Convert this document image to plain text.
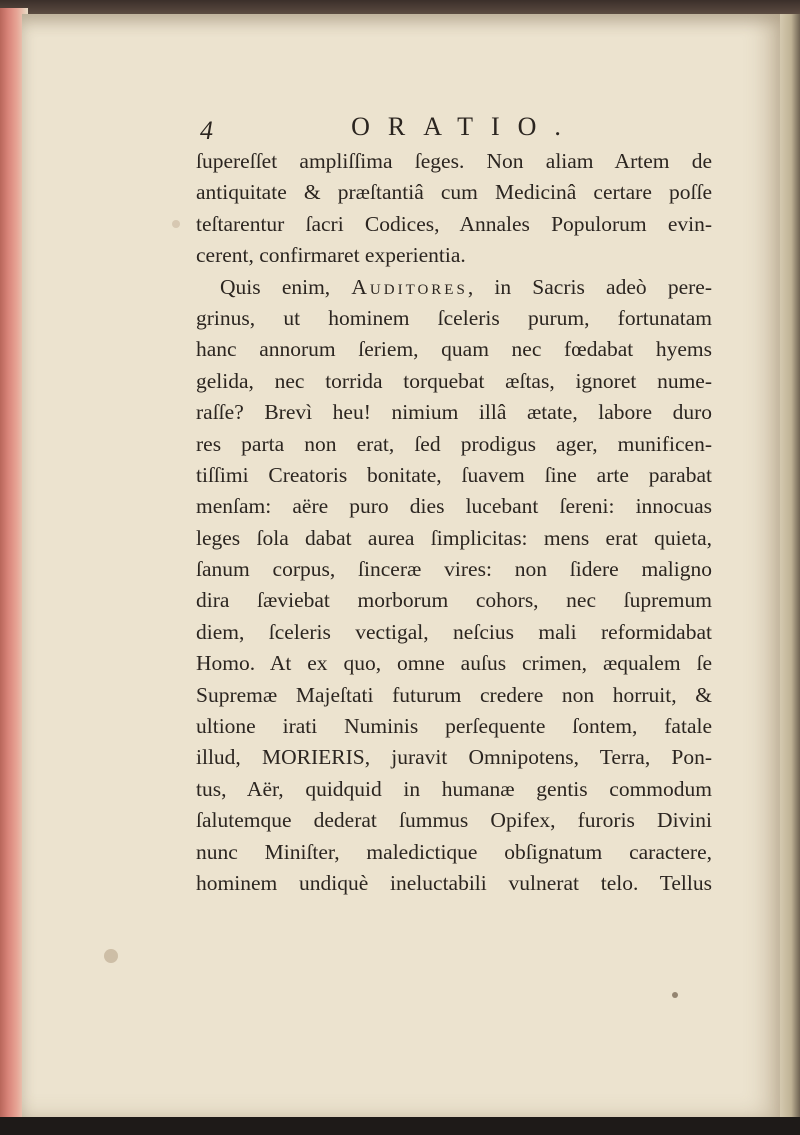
4	ORATIO.
ſupereſſet ampliſſima ſeges. Non aliam Artem de
antiquitate & præſtantiâ cum Medicinâ certare poſſe
teſtarentur ſacri Codices, Annales Populorum evin-
cerent, confirmaret experientia.
Quis enim, Auditores, in Sacris adeò pere-
grinus, ut hominem ſceleris purum, fortunatam
hanc annorum ſeriem, quam nec fœdabat hyems
gelida, nec torrida torquebat æſtas, ignoret nume-
raſſe? Brevì heu! nimium illâ ætate, labore duro
res parta non erat, ſed prodigus ager, munificen-
tiſſimi Creatoris bonitate, ſuavem ſine arte parabat
menſam: aëre puro dies lucebant ſereni: innocuas
leges ſola dabat aurea ſimplicitas: mens erat quieta,
ſanum corpus, ſinceræ vires: non ſidere maligno
dira ſæviebat morborum cohors, nec ſupremum
diem, ſceleris vectigal, neſcius mali reformidabat
Homo. At ex quo, omne auſus crimen, æqualem ſe
Supremæ Majeſtati futurum credere non horruit, &
ultione irati Numinis perſequente ſontem, fatale
illud, MORIERIS, juravit Omnipotens, Terra, Pon-
tus, Aër, quidquid in humanæ gentis commodum
ſalutemque dederat ſummus Opifex, furoris Divini
nunc Miniſter, maledictique obſignatum caractere,
hominem undiquè ineluctabili vulnerat telo. Tellus
